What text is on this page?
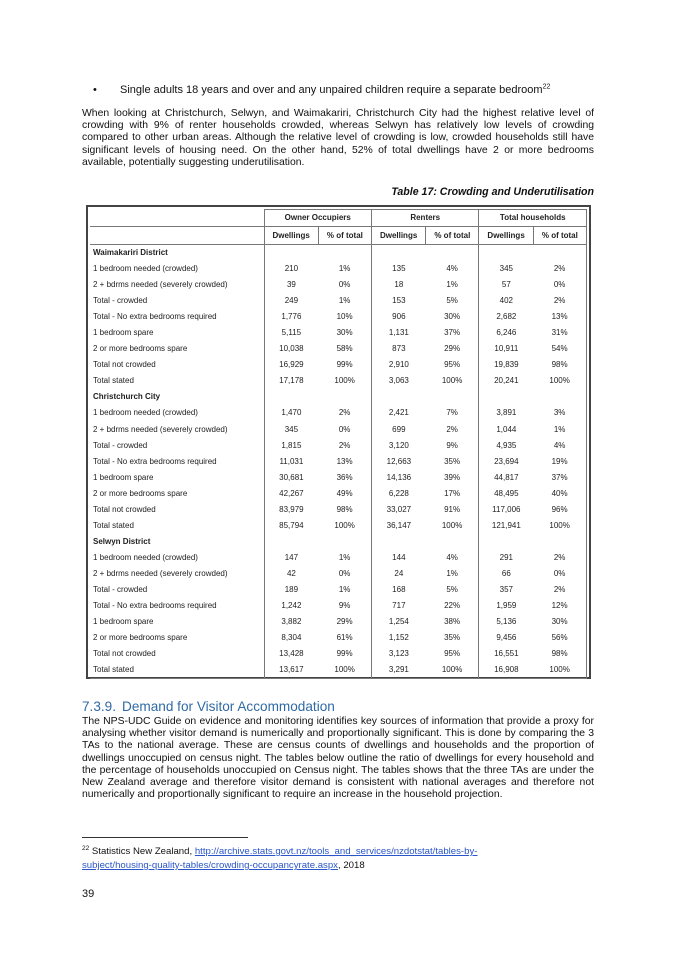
• Single adults 18 years and over and any unpaired children require a separate bedroom$^{22}$

When looking at Christchurch, Selwyn, and Waimakariri, Christchurch City had the highest relative level of crowding with 9% of renter households crowded, whereas Selwyn has relatively low levels of crowding compared to other urban areas. Although the relative level of crowding is low, crowded households still have significant levels of housing need. On the other hand, 52% of total dwellings have 2 or more bedrooms available, potentially suggesting underutilisation.

Table 17: Crowding and Underutilisation
	Owner Occupiers		Renters		Total households	
	Dwellings	% of total	Dwellings	% of total	Dwellings	% of total
Waimakariri District						
1 bedroom needed (crowded)	210	1%	135	4%	345	2%
2 + bdrms needed (severely crowded)	39	0%	18	1%	57	0%
Total - crowded	249	1%	153	5%	402	2%
Total - No extra bedrooms required	1,776	10%	906	30%	2,682	13%
1 bedroom spare	5,115	30%	1,131	37%	6,246	31%
2 or more bedrooms spare	10,038	58%	873	29%	10,911	54%
Total not crowded	16,929	99%	2,910	95%	19,839	98%
Total stated	17,178	100%	3,063	100%	20,241	100%
Christchurch City						
1 bedroom needed (crowded)	1,470	2%	2,421	7%	3,891	3%
2 + bdrms needed (severely crowded)	345	0%	699	2%	1,044	1%
Total - crowded	1,815	2%	3,120	9%	4,935	4%
Total - No extra bedrooms required	11,031	13%	12,663	35%	23,694	19%
1 bedroom spare	30,681	36%	14,136	39%	44,817	37%
2 or more bedrooms spare	42,267	49%	6,228	17%	48,495	40%
Total not crowded	83,979	98%	33,027	91%	117,006	96%
Total stated	85,794	100%	36,147	100%	121,941	100%
Selwyn District						
1 bedroom needed (crowded)	147	1%	144	4%	291	2%
2 + bdrms needed (severely crowded)	42	0%	24	1%	66	0%
Total - crowded	189	1%	168	5%	357	2%
Total - No extra bedrooms required	1,242	9%	717	22%	1,959	12%
1 bedroom spare	3,882	29%	1,254	38%	5,136	30%
2 or more bedrooms spare	8,304	61%	1,152	35%	9,456	56%
Total not crowded	13,428	99%	3,123	95%	16,551	98%
Total stated	13,617	100%	3,291	100%	16,908	100%
7.3.9. Demand for Visitor Accommodation

The NPS-UDC Guide on evidence and monitoring identifies key sources of information that provide a proxy for analysing whether visitor demand is numerically and proportionally significant. This is done by comparing the 3 TAs to the national average. These are census counts of dwellings and households and the proportion of dwellings unoccupied on census night. The tables below outline the ratio of dwellings for every household and the percentage of households unoccupied on Census night. The tables shows that the three TAs are under the New Zealand average and therefore visitor demand is consistent with national averages and therefore not numerically and proportionally significant to require an increase in the household projection.

$^{22}$ Statistics New Zealand, http://archive.stats.govt.nz/tools_and_services/nzdotstat/tables-by-
subject/housing-quality-tables/crowding-occupancyrate.aspx, 2018
39
